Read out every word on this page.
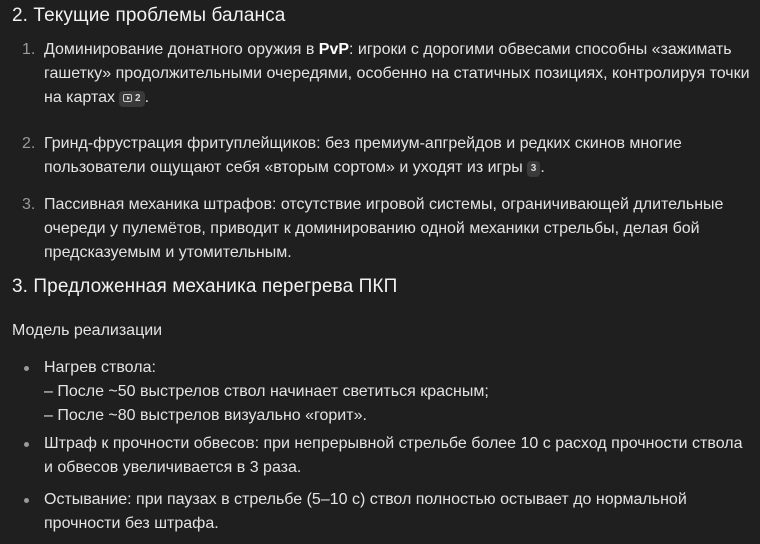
2. Текущие проблемы баланса
1. Доминирование донатного оружия в PvP: игроки с дорогими обвесами способны «зажимать гашетку» продолжительными очередями, особенно на статичных позициях, контролируя точки на картах 2 .
2. Гринд-фрустрация фритуплейщиков: без премиум-апгрейдов и редких скинов многие пользователи ощущают себя «вторым сортом» и уходят из игры 3 .
3. Пассивная механика штрафов: отсутствие игровой системы, ограничивающей длительные очереди у пулемётов, приводит к доминированию одной механики стрельбы, делая бой предсказуемым и утомительным.
3. Предложенная механика перегрева ПКП
Модель реализации
Нагрев ствола:
– После ~50 выстрелов ствол начинает светиться красным;
– После ~80 выстрелов визуально «горит».
Штраф к прочности обвесов: при непрерывной стрельбе более 10 с расход прочности ствола и обвесов увеличивается в 3 раза.
Остывание: при паузах в стрельбе (5–10 с) ствол полностью остывает до нормальной прочности без штрафа.
